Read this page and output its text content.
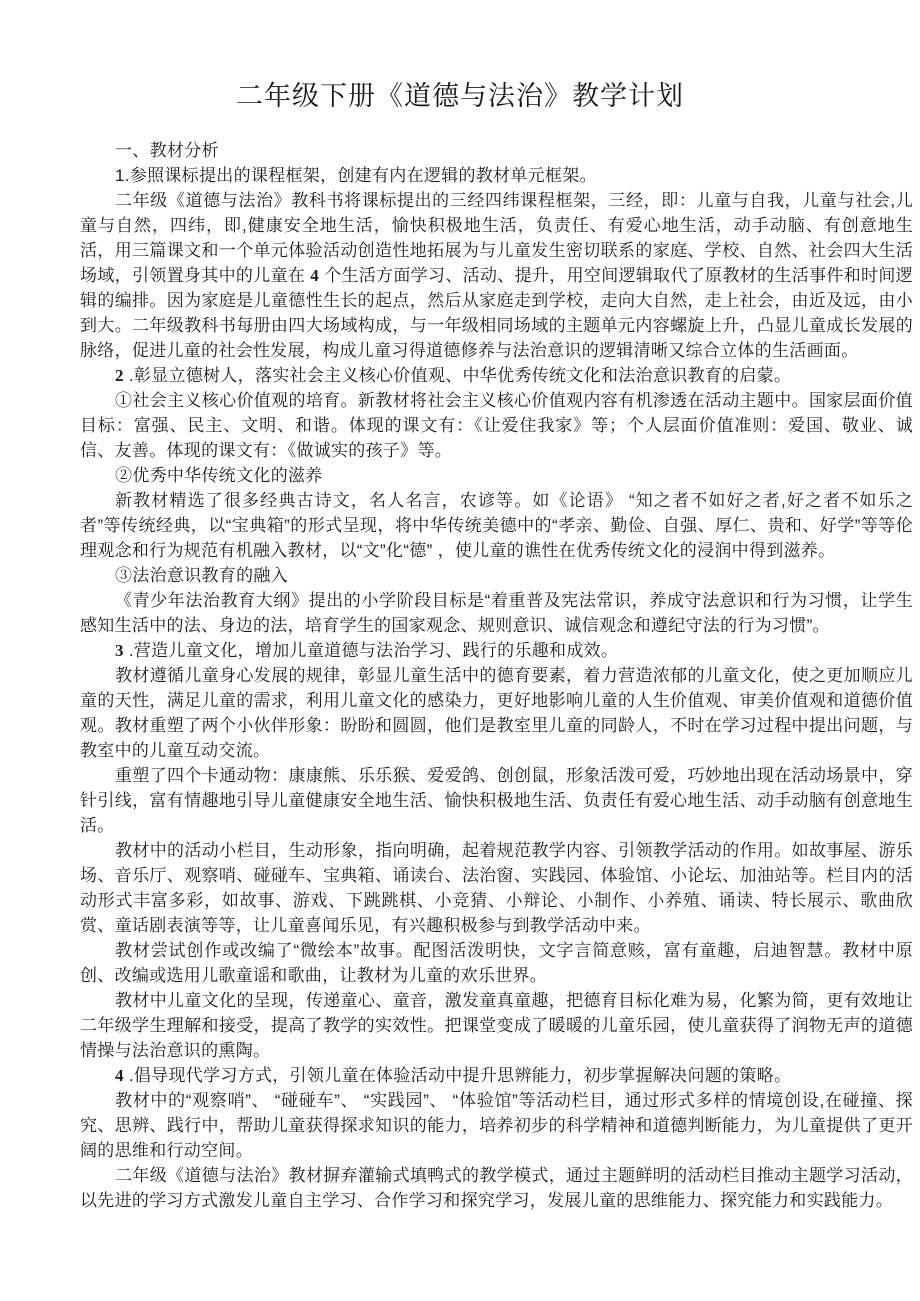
二年级下册《道德与法治》教学计划

一、教材分析

1.参照课标提出的课程框架，创建有内在逻辑的教材单元框架。

二年级《道德与法治》教科书将课标提出的三经四纬课程框架，三经，即：儿童与自我，儿童与社会,儿童与自然，四纬，即,健康安全地生活，愉快积极地生活，负责任、有爱心地生活，动手动脑、有创意地生活，用三篇课文和一个单元体验活动创造性地拓展为与儿童发生密切联系的家庭、学校、自然、社会四大生活场域，引领置身其中的儿童在 4 个生活方面学习、活动、提升，用空间逻辑取代了原教材的生活事件和时间逻辑的编排。因为家庭是儿童德性生长的起点，然后从家庭走到学校，走向大自然，走上社会，由近及远，由小到大。二年级教科书每册由四大场域构成，与一年级相同场域的主题单元内容螺旋上升，凸显儿童成长发展的脉络，促进儿童的社会性发展，构成儿童习得道德修养与法治意识的逻辑清晰又综合立体的生活画面。

2 .彰显立德树人，落实社会主义核心价值观、中华优秀传统文化和法治意识教育的启蒙。

①社会主义核心价值观的培育。新教材将社会主义核心价值观内容有机渗透在活动主题中。国家层面价值目标：富强、民主、文明、和谐。体现的课文有：《让爱住我家》等；个人层面价值准则：爱国、敬业、诚信、友善。体现的课文有：《做诚实的孩子》等。

②优秀中华传统文化的滋养

新教材精选了很多经典古诗文，名人名言，农谚等。如《论语》 “知之者不如好之者,好之者不如乐之者”等传统经典，以“宝典箱”的形式呈现，将中华传统美德中的“孝亲、勤俭、自强、厚仁、贵和、好学”等等伦理观念和行为规范有机融入教材，以“文”化“德” ，使儿童的谯性在优秀传统文化的浸润中得到滋养。

③法治意识教育的融入

《青少年法治教育大纲》提出的小学阶段目标是“着重普及宪法常识，养成守法意识和行为习惯，让学生感知生活中的法、身边的法，培育学生的国家观念、规则意识、诚信观念和遵纪守法的行为习惯”。

3 .营造儿童文化，增加儿童道德与法治学习、践行的乐趣和成效。

教材遵循儿童身心发展的规律，彰显儿童生活中的德育要素，着力营造浓郁的儿童文化，使之更加顺应儿童的天性，满足儿童的需求，利用儿童文化的感染力，更好地影响儿童的人生价值观、审美价值观和道德价值观。教材重塑了两个小伙伴形象：盼盼和圆圆，他们是教室里儿童的同龄人，不时在学习过程中提出问题，与教室中的儿童互动交流。

重塑了四个卡通动物：康康熊、乐乐猴、爱爱鸽、创创鼠，形象活泼可爱，巧妙地出现在活动场景中，穿针引线，富有情趣地引导儿童健康安全地生活、愉快积极地生活、负责任有爱心地生活、动手动脑有创意地生活。

教材中的活动小栏目，生动形象，指向明确，起着规范教学内容、引领教学活动的作用。如故事屋、游乐场、音乐厅、观察哨、碰碰车、宝典箱、诵读台、法治窗、实践园、体验馆、小论坛、加油站等。栏目内的活动形式丰富多彩，如故事、游戏、下跳跳棋、小竞猜、小辩论、小制作、小养殖、诵读、特长展示、歌曲欣赏、童话剧表演等等，让儿童喜闻乐见，有兴趣积极参与到教学活动中来。

教材尝试创作或改编了“微绘本”故事。配图活泼明快，文字言简意赅，富有童趣，启迪智慧。教材中原创、改编或选用儿歌童谣和歌曲，让教材为儿童的欢乐世界。

教材中儿童文化的呈现，传递童心、童音，激发童真童趣，把德育目标化难为易，化繁为简，更有效地让二年级学生理解和接受，提高了教学的实效性。把课堂变成了暖暖的儿童乐园，使儿童获得了润物无声的道德情操与法治意识的熏陶。

4 .倡导现代学习方式，引领儿童在体验活动中提升思辨能力，初步掌握解决问题的策略。

教材中的“观察哨”、 “碰碰车”、 “实践园”、 “体验馆”等活动栏目，通过形式多样的情境创设,在碰撞、探究、思辨、践行中，帮助儿童获得探求知识的能力，培养初步的科学精神和道德判断能力，为儿童提供了更开阔的思维和行动空间。

二年级《道德与法治》教材摒弃灌输式填鸭式的教学模式，通过主题鲜明的活动栏目推动主题学习活动，以先进的学习方式激发儿童自主学习、合作学习和探究学习，发展儿童的思维能力、探究能力和实践能力。
